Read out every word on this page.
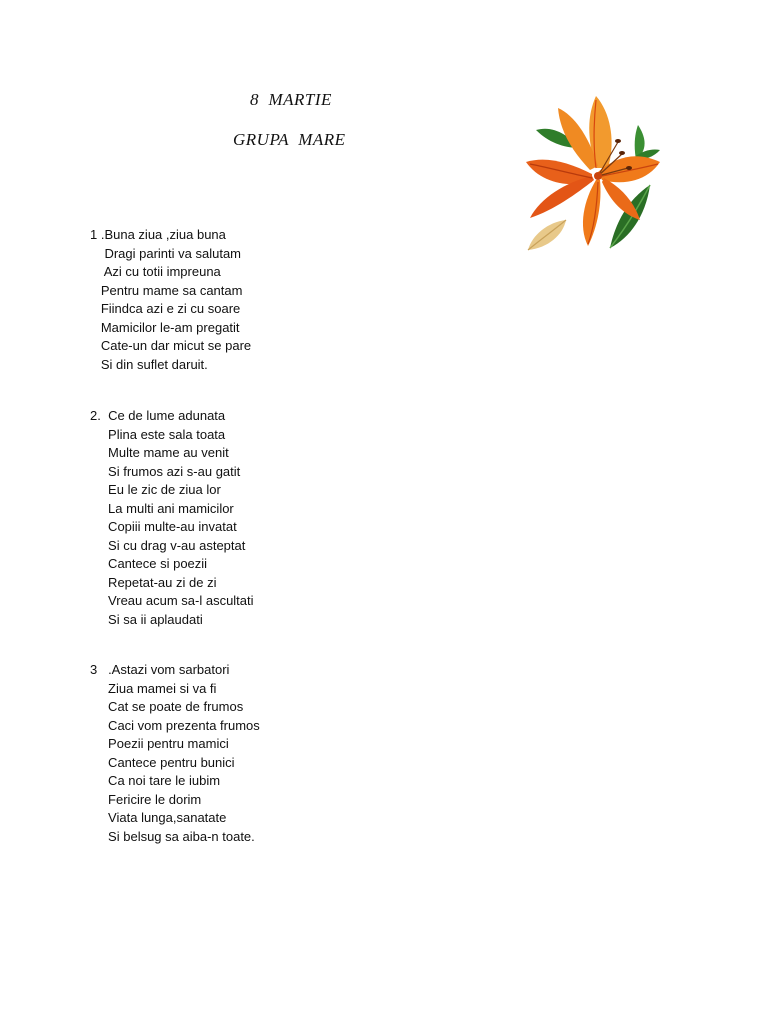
8  MARTIE
GRUPA  MARE
1 .Buna ziua ,ziua buna
Dragi parinti va salutam
Azi cu totii impreuna
Pentru mame sa cantam
Fiindca azi e zi cu soare
Mamicilor le-am pregatit
Cate-un dar micut se pare
Si din suflet daruit.
2.  Ce de lume adunata
Plina este sala toata
Multe mame au venit
Si frumos azi s-au gatit
Eu le zic de ziua lor
La multi ani mamicilor
Copiii multe-au invatat
Si cu drag v-au asteptat
Cantece si poezii
Repetat-au zi de zi
Vreau acum sa-l ascultati
Si sa ii aplaudati
3   .Astazi vom sarbatori
Ziua mamei si va fi
Cat se poate de frumos
Caci vom prezenta frumos
Poezii pentru mamici
Cantece pentru bunici
Ca noi tare le iubim
Fericire le dorim
Viata lunga,sanatate
Si belsug sa aiba-n toate.
